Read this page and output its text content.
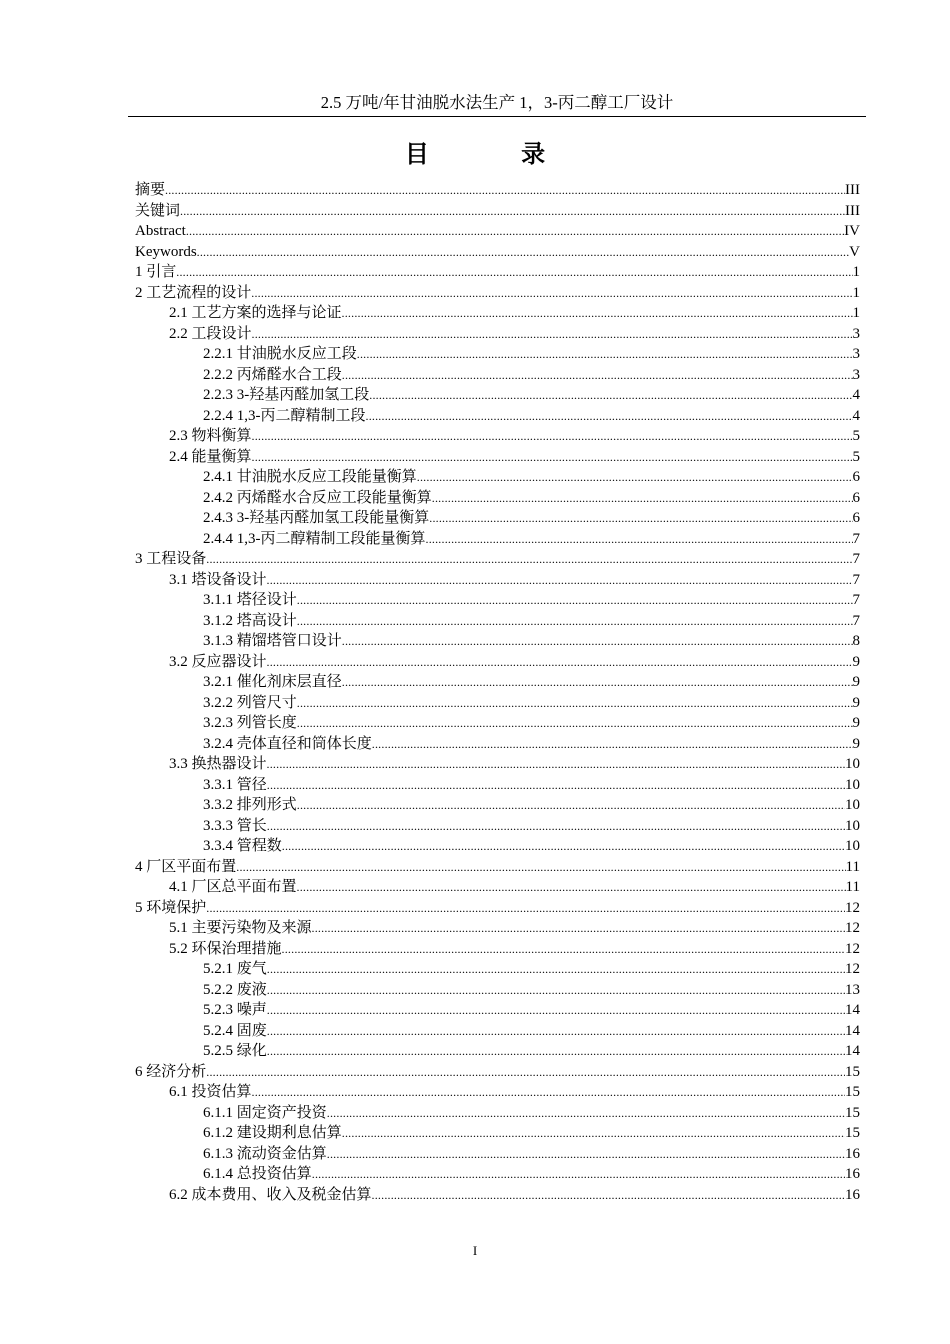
2.5 万吨/年甘油脱水法生产 1，3-丙二醇工厂设计
目 录
摘要 .....	III
关键词 .....	III
Abstract .....	IV
Keywords .....	V
1 引言 .....	1
2 工艺流程的设计 .....	1
2.1 工艺方案的选择与论证 .....	1
2.2 工段设计 .....	3
2.2.1 甘油脱水反应工段 .....	3
2.2.2 丙烯醛水合工段 .....	3
2.2.3 3-羟基丙醛加氢工段 .....	4
2.2.4 1,3-丙二醇精制工段 .....	4
2.3 物料衡算 .....	5
2.4 能量衡算 .....	5
2.4.1 甘油脱水反应工段能量衡算 .....	6
2.4.2 丙烯醛水合反应工段能量衡算 .....	6
2.4.3 3-羟基丙醛加氢工段能量衡算 .....	6
2.4.4 1,3-丙二醇精制工段能量衡算 .....	7
3 工程设备 .....	7
3.1 塔设备设计 .....	7
3.1.1 塔径设计 .....	7
3.1.2 塔高设计 .....	7
3.1.3 精馏塔管口设计 .....	8
3.2 反应器设计 .....	9
3.2.1 催化剂床层直径 .....	9
3.2.2 列管尺寸 .....	9
3.2.3 列管长度 .....	9
3.2.4 壳体直径和筒体长度 .....	9
3.3 换热器设计 .....	10
3.3.1 管径 .....	10
3.3.2 排列形式 .....	10
3.3.3 管长 .....	10
3.3.4 管程数 .....	10
4 厂区平面布置 .....	11
4.1 厂区总平面布置 .....	11
5 环境保护 .....	12
5.1 主要污染物及来源 .....	12
5.2 环保治理措施 .....	12
5.2.1 废气 .....	12
5.2.2 废液 .....	13
5.2.3 噪声 .....	14
5.2.4 固废 .....	14
5.2.5 绿化 .....	14
6 经济分析 .....	15
6.1 投资估算 .....	15
6.1.1 固定资产投资 .....	15
6.1.2 建设期利息估算 .....	15
6.1.3 流动资金估算 .....	16
6.1.4 总投资估算 .....	16
6.2 成本费用、收入及税金估算 .....	16
I
